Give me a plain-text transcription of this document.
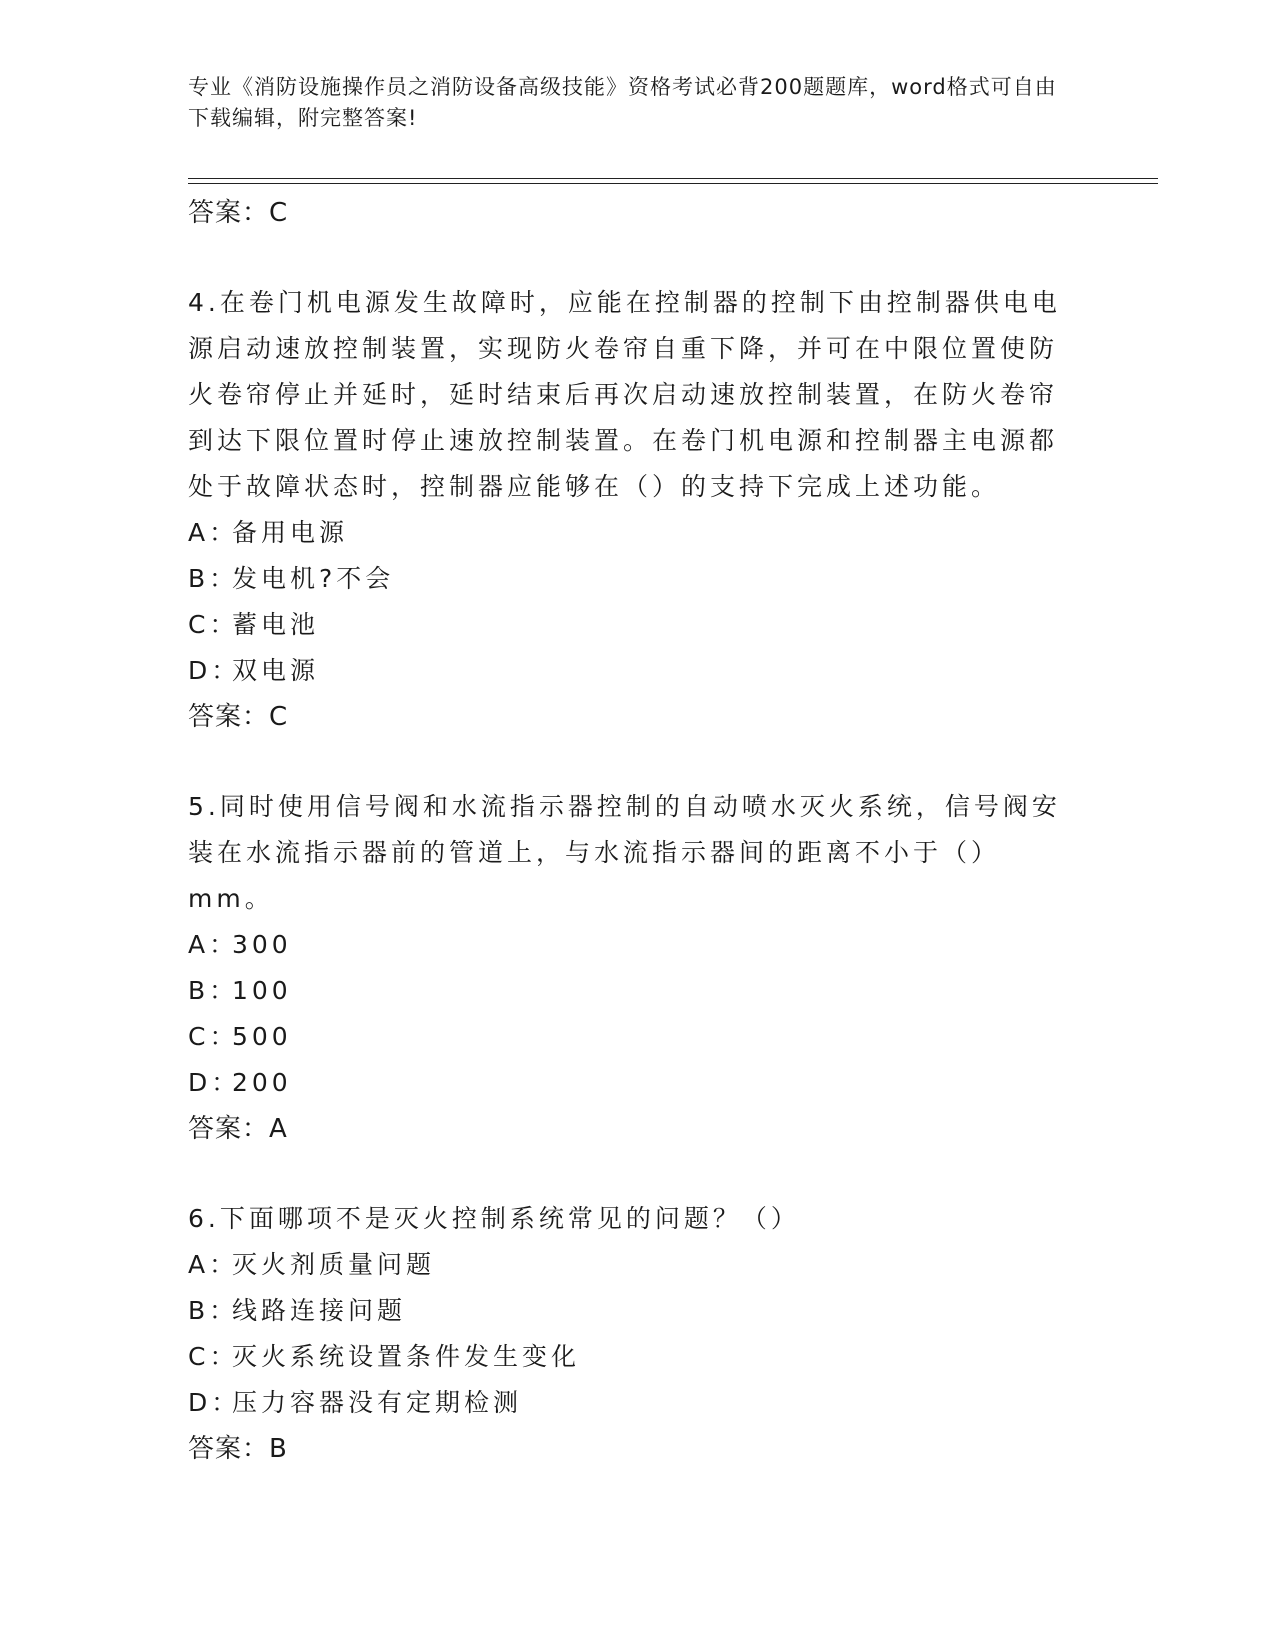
专业《消防设施操作员之消防设备高级技能》资格考试必背200题题库，word格式可自由下载编辑，附完整答案!
答案：C
4.在卷门机电源发生故障时，应能在控制器的控制下由控制器供电电源启动速放控制装置，实现防火卷帘自重下降，并可在中限位置使防火卷帘停止并延时，延时结束后再次启动速放控制装置，在防火卷帘到达下限位置时停止速放控制装置。在卷门机电源和控制器主电源都处于故障状态时，控制器应能够在（）的支持下完成上述功能。
A：备用电源
B：发电机?不会
C：蓄电池
D：双电源
答案：C
5.同时使用信号阀和水流指示器控制的自动喷水灭火系统，信号阀安装在水流指示器前的管道上，与水流指示器间的距离不小于（）mm。
A：300
B：100
C：500
D：200
答案：A
6.下面哪项不是灭火控制系统常见的问题？（）
A：灭火剂质量问题
B：线路连接问题
C：灭火系统设置条件发生变化
D：压力容器没有定期检测
答案：B
